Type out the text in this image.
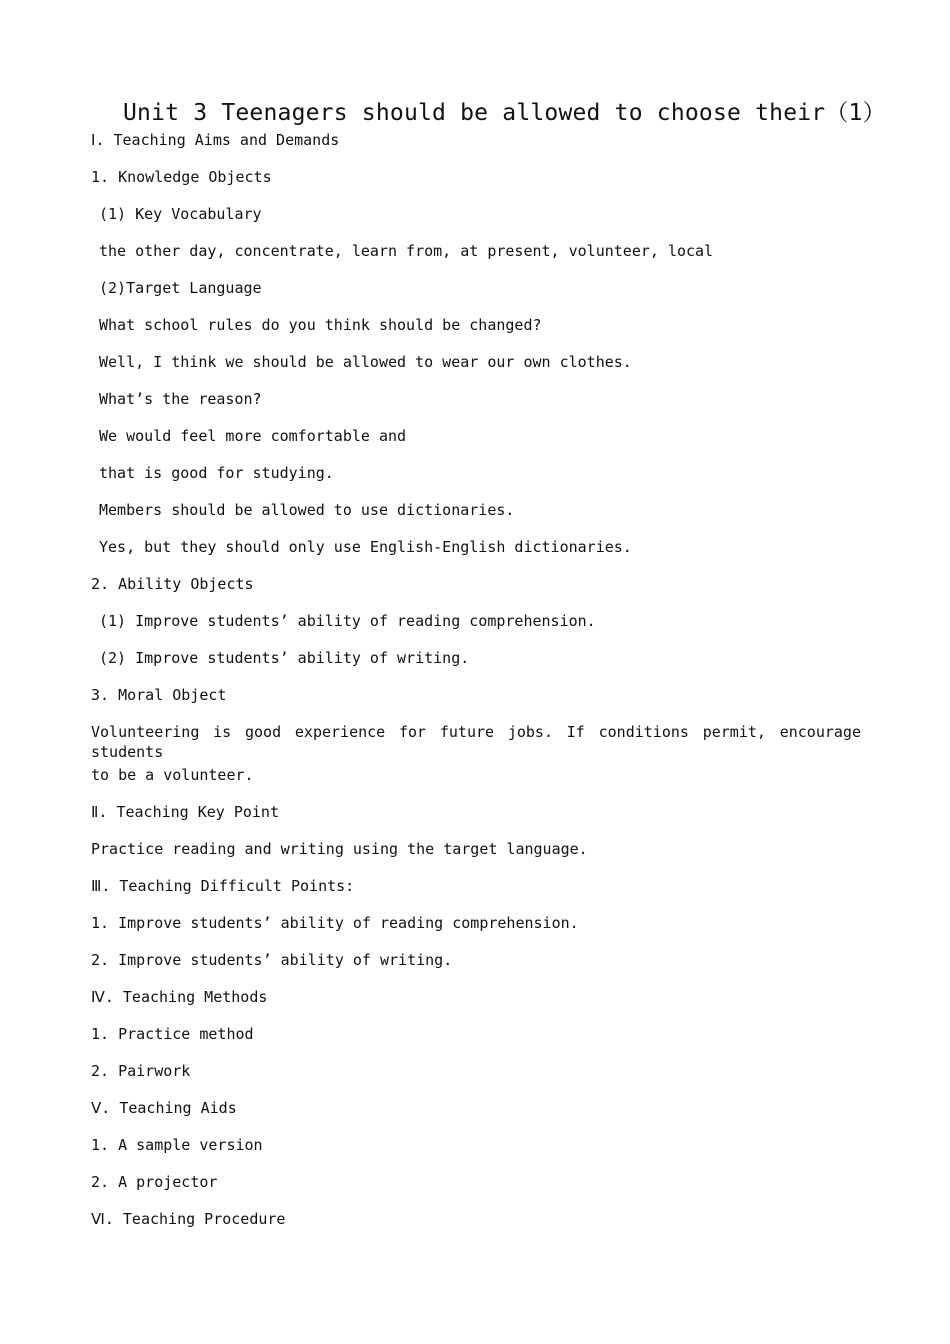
Unit 3 Teenagers should be allowed to choose their（1）
Ⅰ. Teaching Aims and Demands
1. Knowledge Objects
(1) Key Vocabulary
the other day, concentrate, learn from, at present, volunteer, local
(2)Target Language
What school rules do you think should be changed?
Well, I think we should be allowed to wear our own clothes.
What’s the reason?
We would feel more comfortable and
that is good for studying.
Members should be allowed to use dictionaries.
Yes, but they should only use English-English dictionaries.
2. Ability Objects
(1) Improve students’ ability of reading comprehension.
(2) Improve students’ ability of writing.
3. Moral Object
Volunteering is good experience for future jobs. If conditions permit, encourage students
to be a volunteer.
Ⅱ. Teaching Key Point
Practice reading and writing using the target language.
Ⅲ. Teaching Difficult Points:
1. Improve students’ ability of reading comprehension.
2. Improve students’ ability of writing.
Ⅳ. Teaching Methods
1. Practice method
2. Pairwork
Ⅴ. Teaching Aids
1. A sample version
2. A projector
Ⅵ. Teaching Procedure
